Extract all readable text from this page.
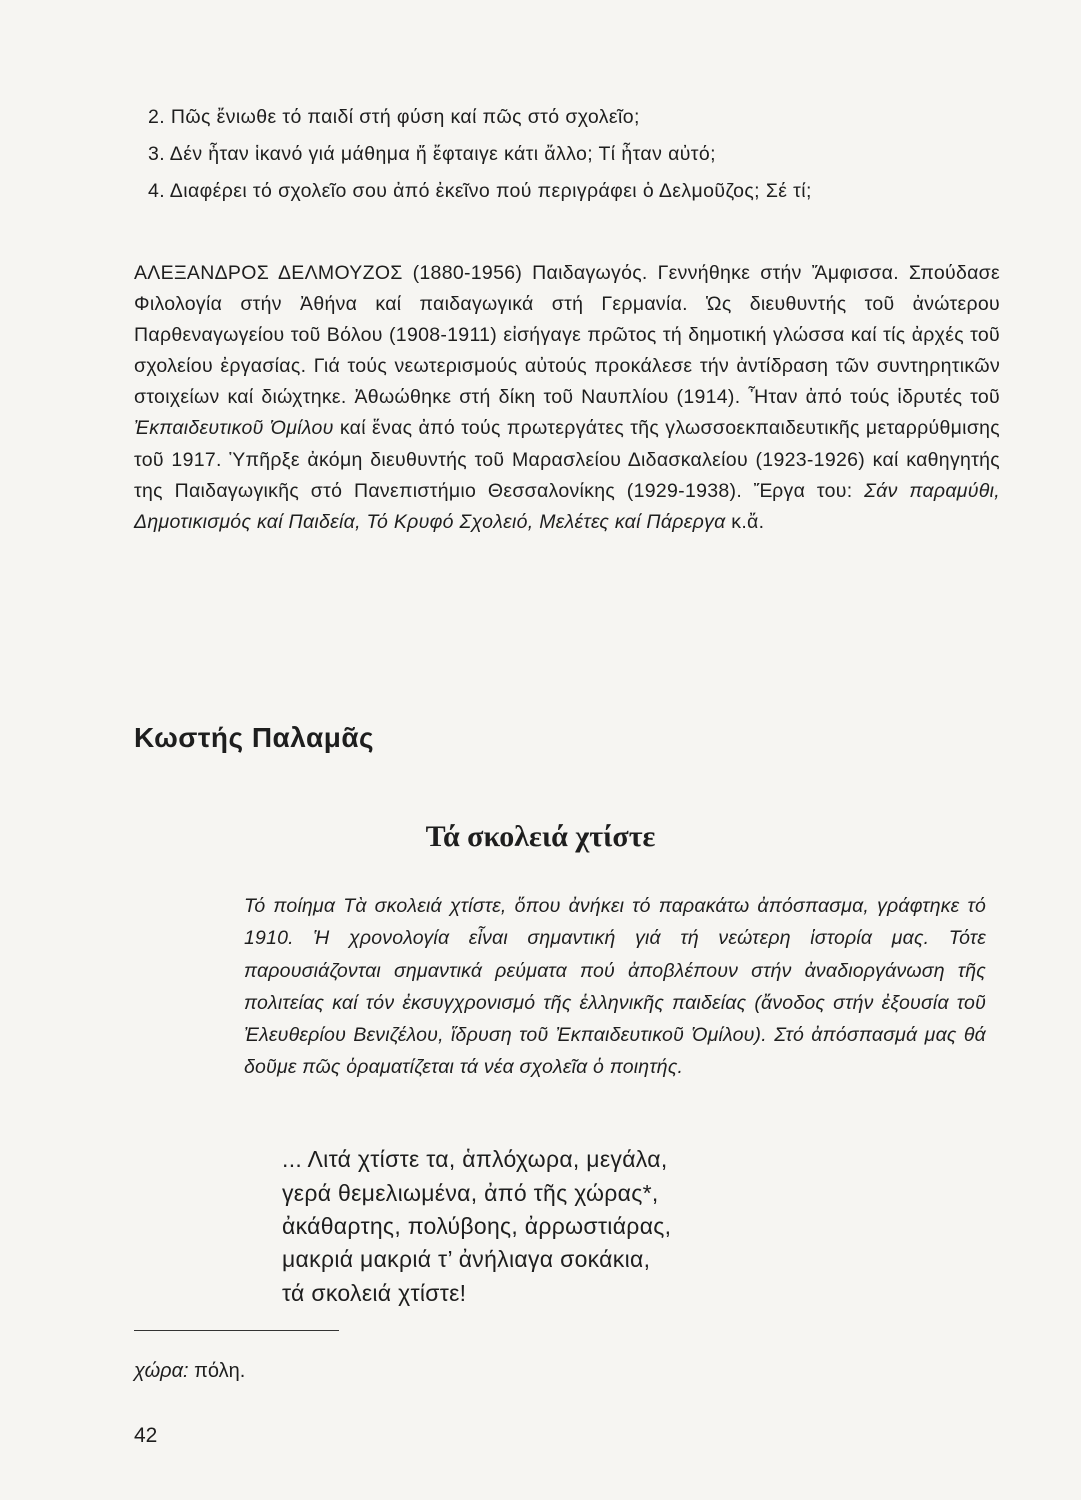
2. Πῶς ἔνιωθε τό παιδί στή φύση καί πῶς στό σχολεῖο;
3. Δέν ἦταν ἱκανό γιά μάθημα ἤ ἔφταιγε κάτι ἄλλο; Τί ἦταν αὐτό;
4. Διαφέρει τό σχολεῖο σου ἀπό ἐκεῖνο πού περιγράφει ὁ Δελμοῦζος; Σέ τί;
ΑΛΕΞΑΝΔΡΟΣ ΔΕΛΜΟΥΖΟΣ (1880-1956) Παιδαγωγός. Γεννήθηκε στήν Ἄμφισσα. Σπούδασε Φιλολογία στήν Ἀθήνα καί παιδαγωγικά στή Γερμανία. Ὡς διευθυντής τοῦ ἀνώτερου Παρθεναγωγείου τοῦ Βόλου (1908-1911) εἰσήγαγε πρῶτος τή δημοτική γλώσσα καί τίς ἀρχές τοῦ σχολείου ἐργασίας. Γιά τούς νεωτερισμούς αὐτούς προκάλεσε τήν ἀντίδραση τῶν συντηρητικῶν στοιχείων καί διώχτηκε. Ἀθωώθηκε στή δίκη τοῦ Ναυπλίου (1914). Ἦταν ἀπό τούς ἱδρυτές τοῦ Ἐκπαιδευτικοῦ Ὁμίλου καί ἕνας ἀπό τούς πρωτεργάτες τῆς γλωσσοεκπαιδευτικῆς μεταρρύθμισης τοῦ 1917. Ὑπῆρξε ἀκόμη διευθυντής τοῦ Μαρασλείου Διδασκαλείου (1923-1926) καί καθηγητής της Παιδαγωγικῆς στό Πανεπιστήμιο Θεσσαλονίκης (1929-1938). Ἔργα του: Σάν παραμύθι, Δημοτικισμός καί Παιδεία, Τό Κρυφό Σχολειό, Μελέτες καί Πάρεργα κ.ἄ.
Κωστής Παλαμᾶς
Τά σκολειά χτίστε
Τό ποίημα Τὰ σκολειά χτίστε, ὅπου ἀνήκει τό παρακάτω ἀπόσπασμα, γράφτηκε τό 1910. Ἡ χρονολογία εἶναι σημαντική γιά τή νεώτερη ἱστορία μας. Τότε παρουσιάζονται σημαντικά ρεύματα πού ἀποβλέπουν στήν ἀναδιοργάνωση τῆς πολιτείας καί τόν ἐκσυγχρονισμό τῆς ἑλληνικῆς παιδείας (ἄνοδος στήν ἐξουσία τοῦ Ἐλευθερίου Βενιζέλου, ἵδρυση τοῦ Ἐκπαιδευτικοῦ Ὁμίλου). Στό ἀπόσπασμά μας θά δοῦμε πῶς ὁραματίζεται τά νέα σχολεῖα ὁ ποιητής.
... Λιτά χτίστε τα, ἁπλόχωρα, μεγάλα,
γερά θεμελιωμένα, ἀπό τῆς χώρας*,
ἀκάθαρτης, πολύβοης, ἀρρωστιάρας,
μακριά μακριά τ’ ἀνήλιαγα σοκάκια,
τά σκολειά χτίστε!
χώρα: πόλη.
42
